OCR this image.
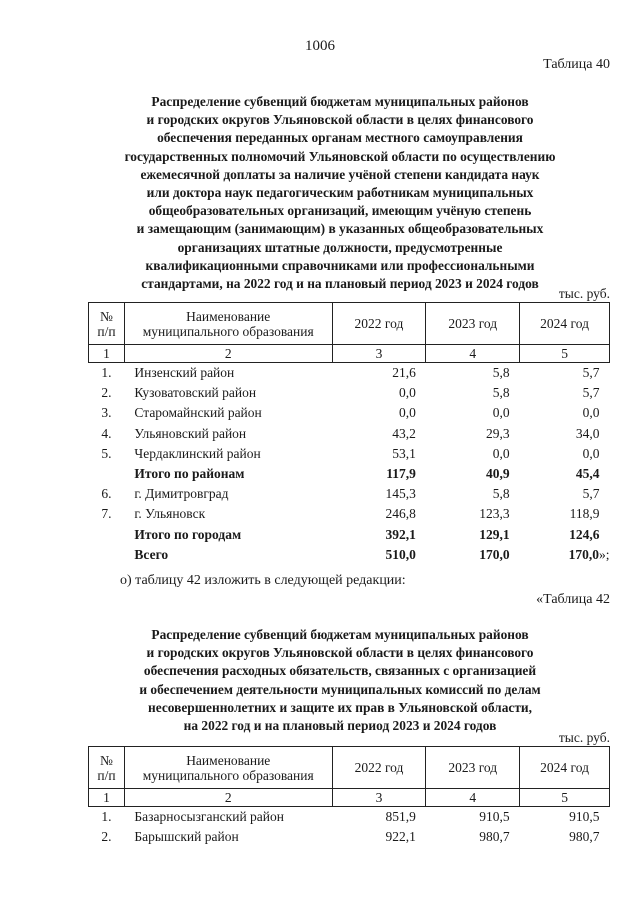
1006
Таблица 40
Распределение субвенций бюджетам муниципальных районов
и городских округов Ульяновской области в целях финансового
обеспечения переданных органам местного самоуправления
государственных полномочий Ульяновской области по осуществлению
ежемесячной доплаты за наличие учёной степени кандидата наук
или доктора наук педагогическим работникам муниципальных
общеобразовательных организаций, имеющим учёную степень
и замещающим (занимающим) в указанных общеобразовательных
организациях штатные должности, предусмотренные
квалификационными справочниками или профессиональными
стандартами, на 2022 год и на плановый период 2023 и 2024 годов
тыс. руб.
№
п/п	Наименование
муниципального образования	2022 год	2023 год	2024 год
1	2	3	4	5
1.	Инзенский район	21,6	5,8	5,7
2.	Кузоватовский район	0,0	5,8	5,7
3.	Старомайнский район	0,0	0,0	0,0
4.	Ульяновский район	43,2	29,3	34,0
5.	Чердаклинский район	53,1	0,0	0,0
	Итого по районам	117,9	40,9	45,4
6.	г. Димитровград	145,3	5,8	5,7
7.	г. Ульяновск	246,8	123,3	118,9
	Итого по городам	392,1	129,1	124,6
	Всего	510,0	170,0	170,0»;
о) таблицу 42 изложить в следующей редакции:
«Таблица 42
Распределение субвенций бюджетам муниципальных районов
и городских округов Ульяновской области в целях финансового
обеспечения расходных обязательств, связанных с организацией
и обеспечением деятельности муниципальных комиссий по делам
несовершеннолетних и защите их прав в Ульяновской области,
на 2022 год и на плановый период 2023 и 2024 годов
тыс. руб.
№
п/п	Наименование
муниципального образования	2022 год	2023 год	2024 год
1	2	3	4	5
1.	Базарносызганский район	851,9	910,5	910,5
2.	Барышский район	922,1	980,7	980,7
